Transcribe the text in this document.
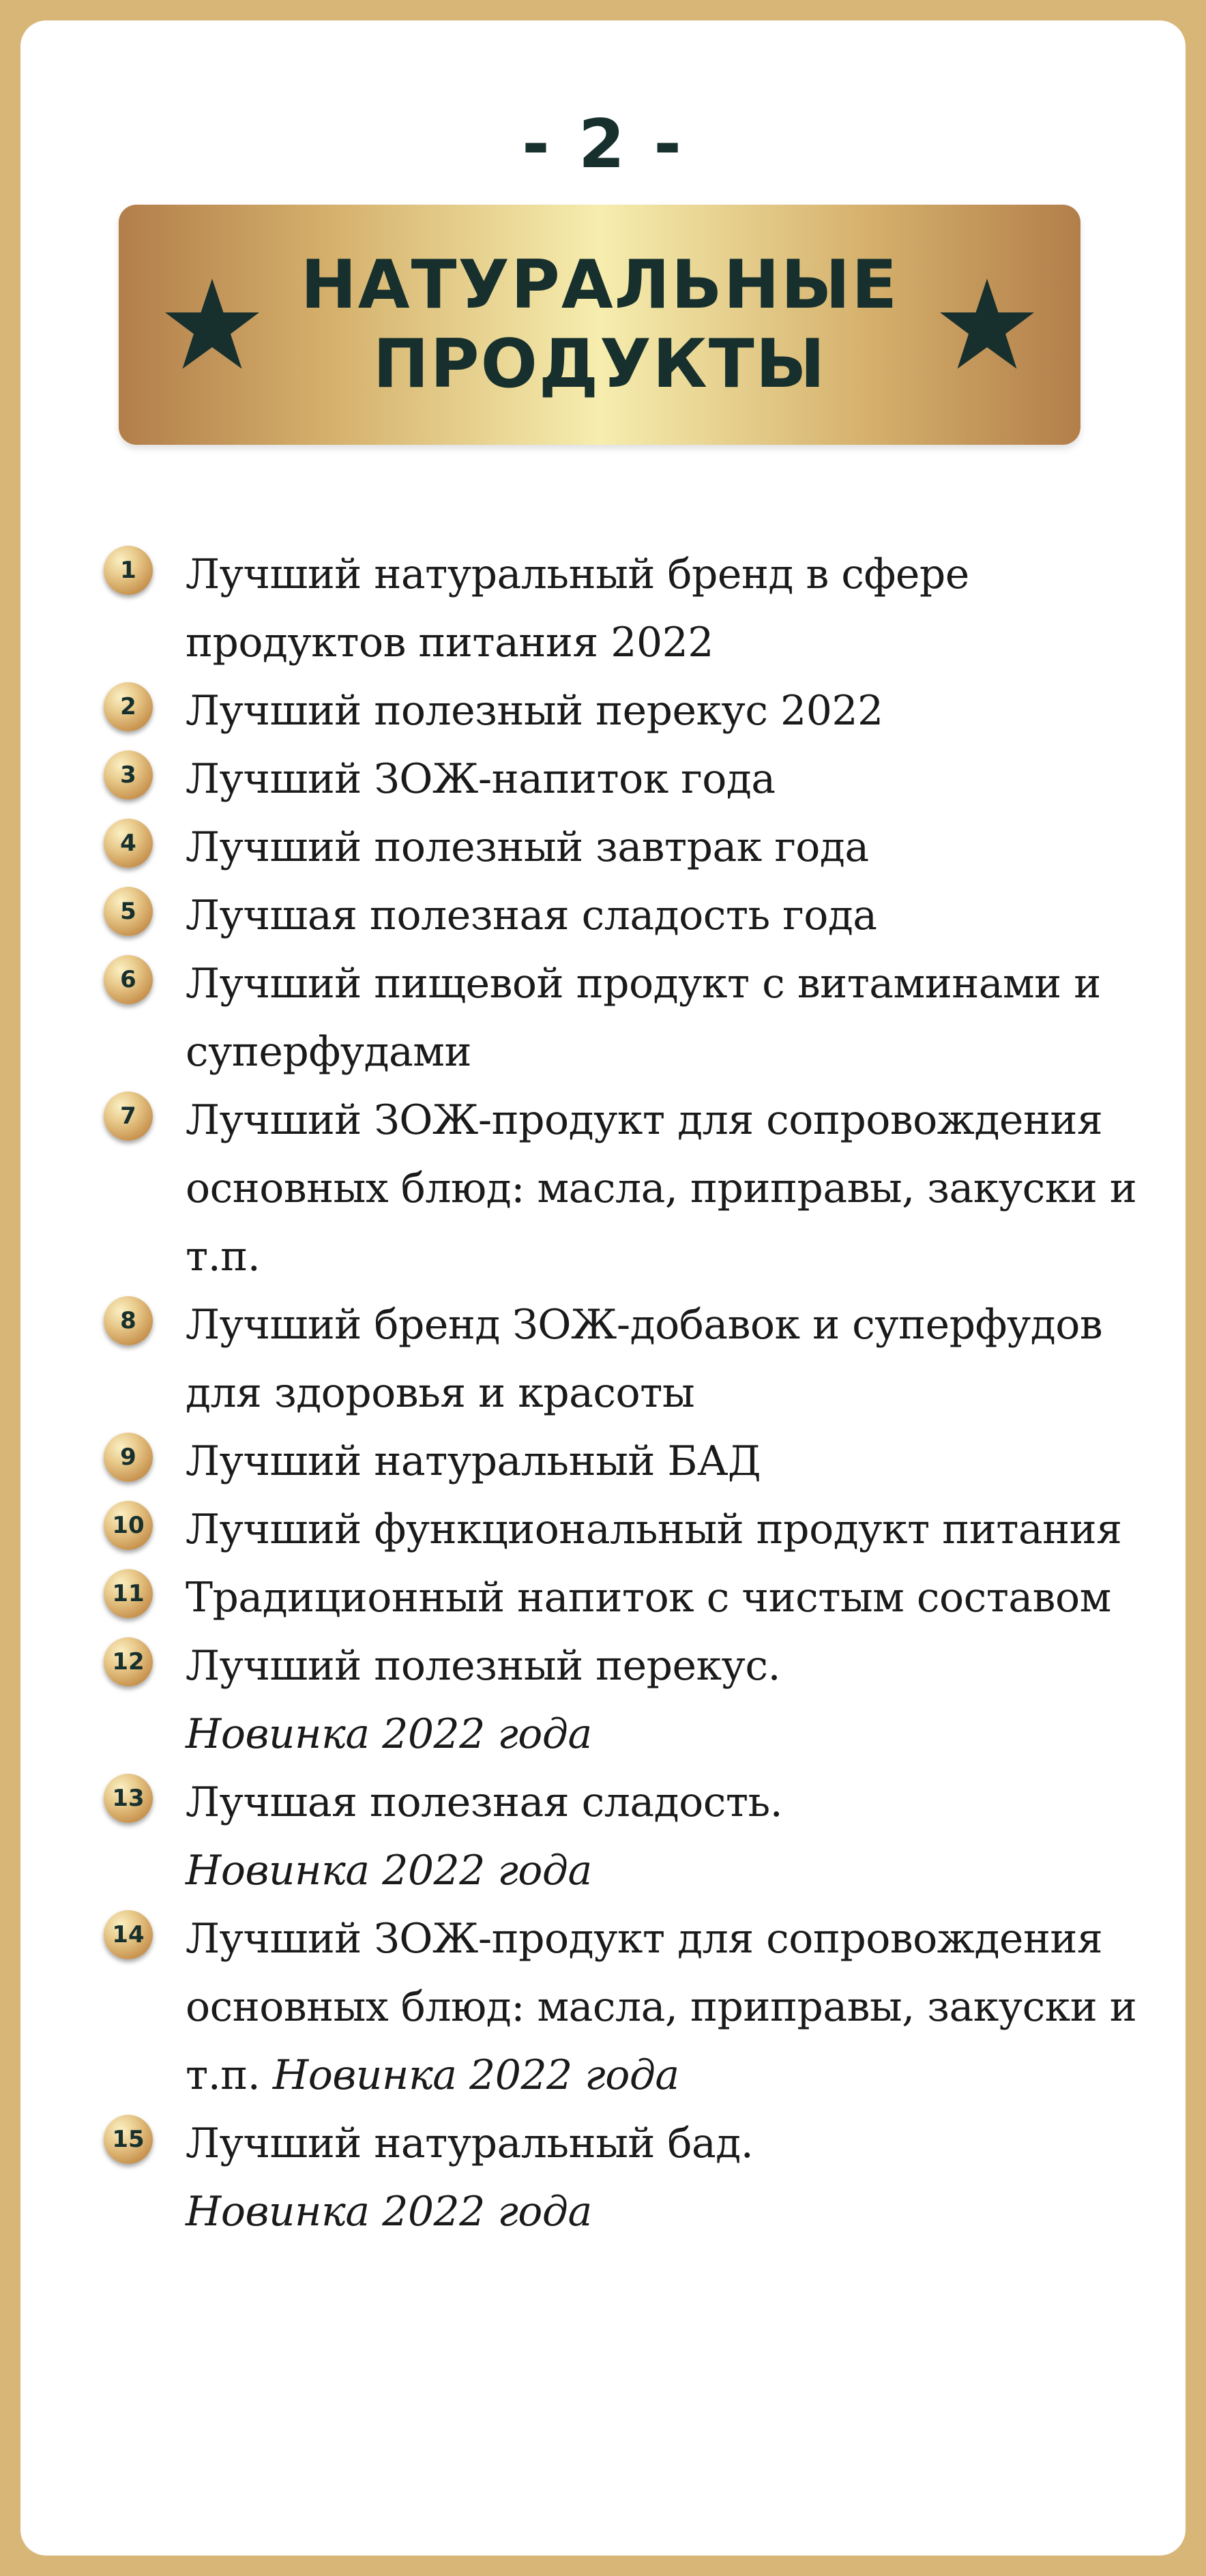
- 2 -
НАТУРАЛЬНЫЕ
ПРОДУКТЫ
1	Лучший натуральный бренд в сфере продуктов питания 2022
2	Лучший полезный перекус 2022
3	Лучший ЗОЖ-напиток года
4	Лучший полезный завтрак года
5	Лучшая полезная сладость года
6	Лучший пищевой продукт с витаминами и суперфудами
7	Лучший ЗОЖ-продукт для сопровождения основных блюд: масла, приправы, закуски и т.п.
8	Лучший бренд ЗОЖ-добавок и суперфудов для здоровья и красоты
9	Лучший натуральный БАД
10 Лучший функциональный продукт питания
11 Традиционный напиток с чистым составом
12 Лучший полезный перекус.
Новинка 2022 года
13 Лучшая полезная сладость.
Новинка 2022 года
14 Лучший ЗОЖ-продукт для сопровождения основных блюд: масла, приправы, закуски и т.п. Новинка 2022 года
15 Лучший натуральный бад.
Новинка 2022 года
